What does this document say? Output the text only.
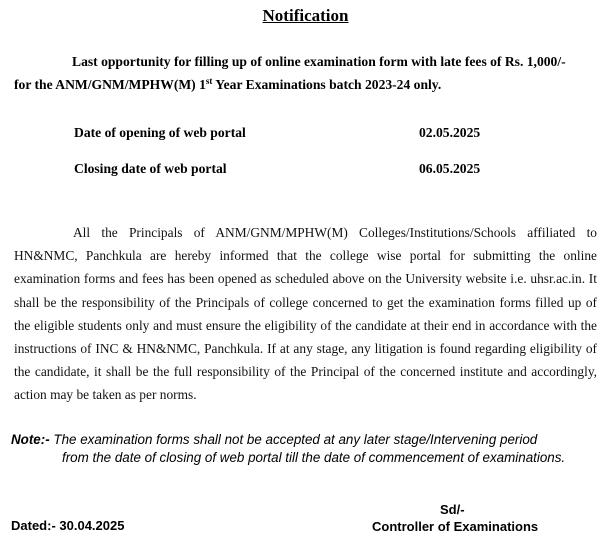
Notification
Last opportunity for filling up of online examination form with late fees of Rs. 1,000/-
for the ANM/GNM/MPHW(M) 1st Year Examinations batch 2023-24 only.
Date of opening of web portal	02.05.2025
Closing date of web portal	06.05.2025
All the Principals of ANM/GNM/MPHW(M) Colleges/Institutions/Schools affiliated to HN&NMC, Panchkula are hereby informed that the college wise portal for submitting the online examination forms and fees has been opened as scheduled above on the University website i.e. uhsr.ac.in. It shall be the responsibility of the Principals of college concerned to get the examination forms filled up of the eligible students only and must ensure the eligibility of the candidate at their end in accordance with the instructions of INC & HN&NMC, Panchkula. If at any stage, any litigation is found regarding eligibility of the candidate, it shall be the full responsibility of the Principal of the concerned institute and accordingly, action may be taken as per norms.
Note:- The examination forms shall not be accepted at any later stage/Intervening period
from the date of closing of web portal till the date of commencement of examinations.
Sd/-
Controller of Examinations
Dated:- 30.04.2025
